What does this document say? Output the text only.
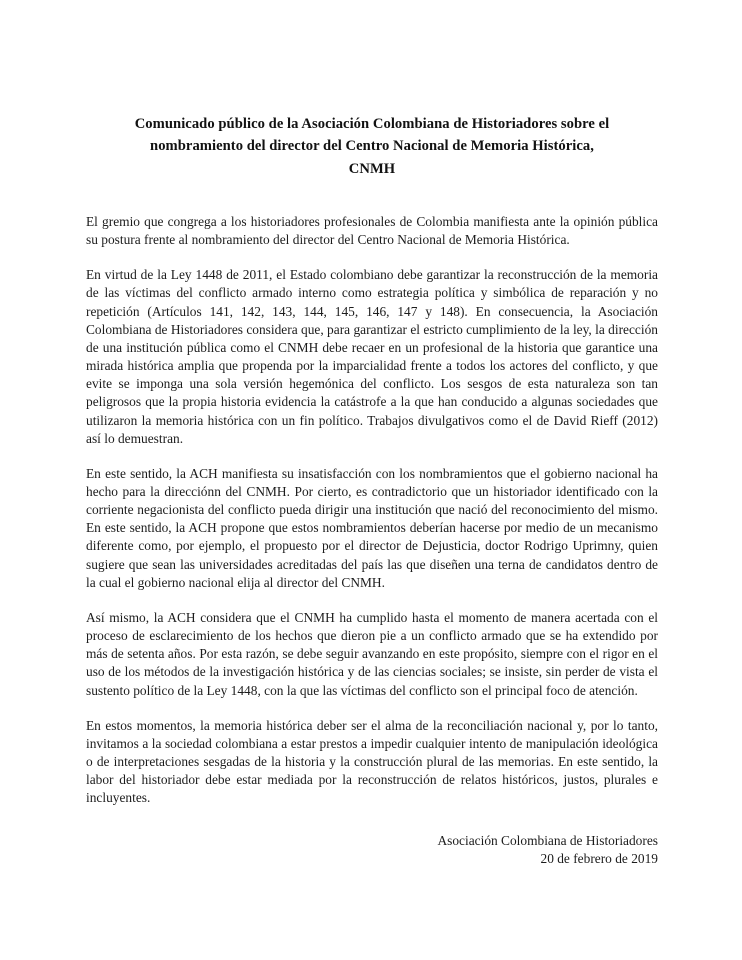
Comunicado público de la Asociación Colombiana de Historiadores sobre el
nombramiento del director del Centro Nacional de Memoria Histórica,
CNMH

El gremio que congrega a los historiadores profesionales de Colombia manifiesta ante la opinión pública su postura frente al nombramiento del director del Centro Nacional de Memoria Histórica.

En virtud de la Ley 1448 de 2011, el Estado colombiano debe garantizar la reconstrucción de la memoria de las víctimas del conflicto armado interno como estrategia política y simbólica de reparación y no repetición (Artículos 141, 142, 143, 144, 145, 146, 147 y 148). En consecuencia, la Asociación Colombiana de Historiadores considera que, para garantizar el estricto cumplimiento de la ley, la dirección de una institución pública como el CNMH debe recaer en un profesional de la historia que garantice una mirada histórica amplia que propenda por la imparcialidad frente a todos los actores del conflicto, y que evite se imponga una sola versión hegemónica del conflicto. Los sesgos de esta naturaleza son tan peligrosos que la propia historia evidencia la catástrofe a la que han conducido a algunas sociedades que utilizaron la memoria histórica con un fin político. Trabajos divulgativos como el de David Rieff (2012) así lo demuestran.

En este sentido, la ACH manifiesta su insatisfacción con los nombramientos que el gobierno nacional ha hecho para la direcciónn del CNMH. Por cierto, es contradictorio que un historiador identificado con la corriente negacionista del conflicto pueda dirigir una institución que nació del reconocimiento del mismo. En este sentido, la ACH propone que estos nombramientos deberían hacerse por medio de un mecanismo diferente como, por ejemplo, el propuesto por el director de Dejusticia, doctor Rodrigo Uprimny, quien sugiere que sean las universidades acreditadas del país las que diseñen una terna de candidatos dentro de la cual el gobierno nacional elija al director del CNMH.

Así mismo, la ACH considera que el CNMH ha cumplido hasta el momento de manera acertada con el proceso de esclarecimiento de los hechos que dieron pie a un conflicto armado que se ha extendido por más de setenta años. Por esta razón, se debe seguir avanzando en este propósito, siempre con el rigor en el uso de los métodos de la investigación histórica y de las ciencias sociales; se insiste, sin perder de vista el sustento político de la Ley 1448, con la que las víctimas del conflicto son el principal foco de atención.

En estos momentos, la memoria histórica deber ser el alma de la reconciliación nacional y, por lo tanto, invitamos a la sociedad colombiana a estar prestos a impedir cualquier intento de manipulación ideológica o de interpretaciones sesgadas de la historia y la construcción plural de las memorias. En este sentido, la labor del historiador debe estar mediada por la reconstrucción de relatos históricos, justos, plurales e incluyentes.

Asociación Colombiana de Historiadores
20 de febrero de 2019
